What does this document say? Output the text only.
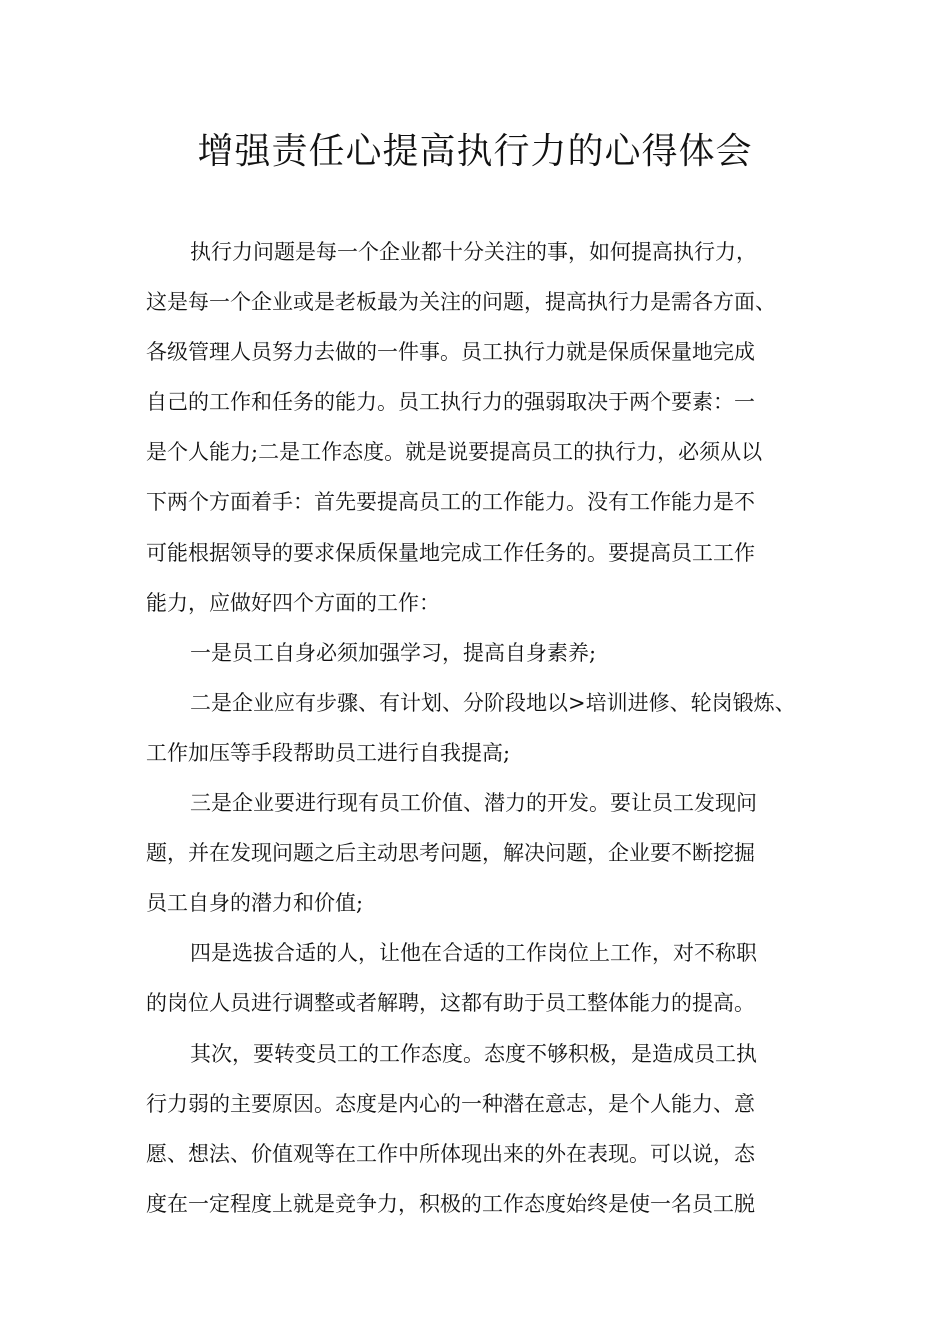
增强责任心提高执行力的心得体会
执行力问题是每一个企业都十分关注的事，如何提高执行力，
这是每一个企业或是老板最为关注的问题，提高执行力是需各方面、
各级管理人员努力去做的一件事。员工执行力就是保质保量地完成
自己的工作和任务的能力。员工执行力的强弱取决于两个要素：一
是个人能力;二是工作态度。就是说要提高员工的执行力，必须从以
下两个方面着手：首先要提高员工的工作能力。没有工作能力是不
可能根据领导的要求保质保量地完成工作任务的。要提高员工工作
能力，应做好四个方面的工作：
一是员工自身必须加强学习，提高自身素养;
二是企业应有步骤、有计划、分阶段地以>培训进修、轮岗锻炼、
工作加压等手段帮助员工进行自我提高;
三是企业要进行现有员工价值、潜力的开发。要让员工发现问
题，并在发现问题之后主动思考问题，解决问题，企业要不断挖掘
员工自身的潜力和价值;
四是选拔合适的人，让他在合适的工作岗位上工作，对不称职
的岗位人员进行调整或者解聘，这都有助于员工整体能力的提高。
其次，要转变员工的工作态度。态度不够积极，是造成员工执
行力弱的主要原因。态度是内心的一种潜在意志，是个人能力、意
愿、想法、价值观等在工作中所体现出来的外在表现。可以说，态
度在一定程度上就是竞争力，积极的工作态度始终是使一名员工脱
